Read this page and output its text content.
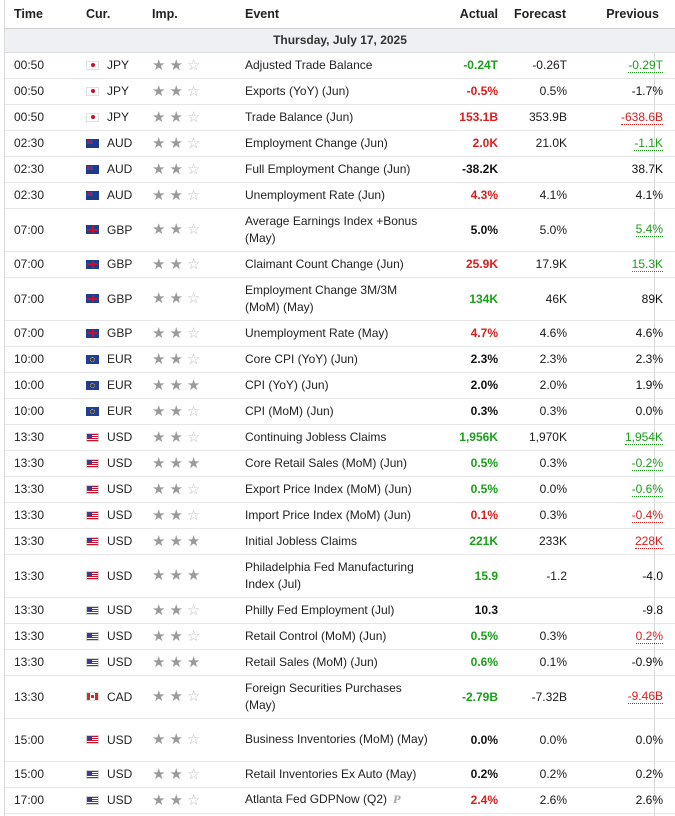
Time	Cur.	Imp.	Event	Actual	Forecast	Previous
Thursday, July 17, 2025						
00:50	JPY	★ ★ ☆	Adjusted Trade Balance	-0.24T	-0.26T	-0.29T
00:50	JPY	★ ★ ☆	Exports (YoY) (Jun)	-0.5%	0.5%	-1.7%
00:50	JPY	★ ★ ☆	Trade Balance (Jun)	153.1B	353.9B	-638.6B
02:30	AUD	★ ★ ☆	Employment Change (Jun)	2.0K	21.0K	-1.1K
02:30	AUD	★ ★ ☆	Full Employment Change (Jun)	-38.2K		38.7K
02:30	AUD	★ ★ ☆	Unemployment Rate (Jun)	4.3%	4.1%	4.1%
07:00	GBP	★ ★ ☆	Average Earnings Index +Bonus (May)	5.0%	5.0%	5.4%
07:00	GBP	★ ★ ☆	Claimant Count Change (Jun)	25.9K	17.9K	15.3K
07:00	GBP	★ ★ ☆	Employment Change 3M/3M (MoM) (May)	134K	46K	89K
07:00	GBP	★ ★ ☆	Unemployment Rate (May)	4.7%	4.6%	4.6%
10:00	EUR	★ ★ ☆	Core CPI (YoY) (Jun)	2.3%	2.3%	2.3%
10:00	EUR	★ ★ ★	CPI (YoY) (Jun)	2.0%	2.0%	1.9%
10:00	EUR	★ ★ ☆	CPI (MoM) (Jun)	0.3%	0.3%	0.0%
13:30	USD	★ ★ ☆	Continuing Jobless Claims	1,956K	1,970K	1,954K
13:30	USD	★ ★ ★	Core Retail Sales (MoM) (Jun)	0.5%	0.3%	-0.2%
13:30	USD	★ ★ ☆	Export Price Index (MoM) (Jun)	0.5%	0.0%	-0.6%
13:30	USD	★ ★ ☆	Import Price Index (MoM) (Jun)	0.1%	0.3%	-0.4%
13:30	USD	★ ★ ★	Initial Jobless Claims	221K	233K	228K
13:30	USD	★ ★ ★	Philadelphia Fed Manufacturing Index (Jul)	15.9	-1.2	-4.0
13:30	USD	★ ★ ☆	Philly Fed Employment (Jul)	10.3		-9.8
13:30	USD	★ ★ ☆	Retail Control (MoM) (Jun)	0.5%	0.3%	0.2%
13:30	USD	★ ★ ★	Retail Sales (MoM) (Jun)	0.6%	0.1%	-0.9%
13:30	CAD	★ ★ ☆	Foreign Securities Purchases (May)	-2.79B	-7.32B	-9.46B
15:00	USD	★ ★ ☆	Business Inventories (MoM) (May)	0.0%	0.0%	0.0%
15:00	USD	★ ★ ☆	Retail Inventories Ex Auto (May)	0.2%	0.2%	0.2%
17:00	USD	★ ★ ☆	Atlanta Fed GDPNow (Q2) P	2.4%	2.6%	2.6%
